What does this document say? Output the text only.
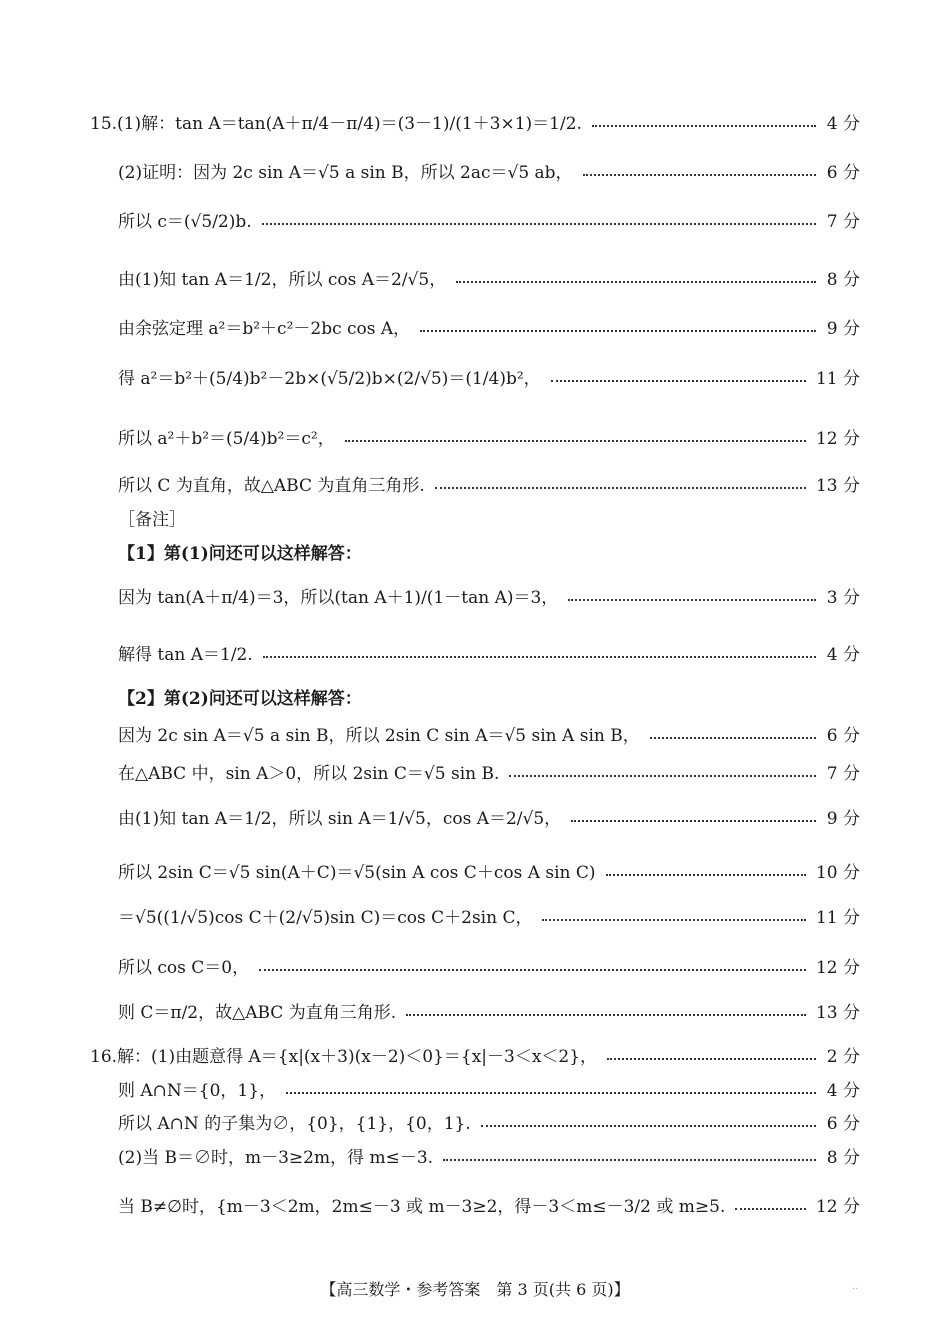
15.(1)解：tan A＝tan(A＋π/4－π/4)＝(3－1)/(1＋3×1)＝1/2.	4 分
(2)证明：因为 2c sin A＝√5 a sin B，所以 2ac＝√5 ab，	6 分
所以 c＝(√5/2)b.	7 分
由(1)知 tan A＝1/2，所以 cos A＝2/√5，	8 分
由余弦定理 a²＝b²＋c²－2bc cos A，	9 分
得 a²＝b²＋(5/4)b²－2b×(√5/2)b×(2/√5)＝(1/4)b²，	11 分
所以 a²＋b²＝(5/4)b²＝c²，	12 分
所以 C 为直角，故△ABC 为直角三角形.	13 分
［备注］
【1】第(1)问还可以这样解答：
因为 tan(A＋π/4)＝3，所以(tan A＋1)/(1－tan A)＝3，	3 分
解得 tan A＝1/2.	4 分
【2】第(2)问还可以这样解答：
因为 2c sin A＝√5 a sin B，所以 2sin C sin A＝√5 sin A sin B，	6 分
在△ABC 中，sin A＞0，所以 2sin C＝√5 sin B.	7 分
由(1)知 tan A＝1/2，所以 sin A＝1/√5，cos A＝2/√5，	9 分
所以 2sin C＝√5 sin(A＋C)＝√5(sin A cos C＋cos A sin C)	10 分
＝√5((1/√5)cos C＋(2/√5)sin C)＝cos C＋2sin C，	11 分
所以 cos C＝0，	12 分
则 C＝π/2，故△ABC 为直角三角形.	13 分
16.解：(1)由题意得 A＝{x|(x＋3)(x－2)＜0}＝{x|－3＜x＜2}，	2 分
则 A∩N＝{0，1}，	4 分
所以 A∩N 的子集为∅，{0}，{1}，{0，1}.	6 分
(2)当 B＝∅时，m－3≥2m，得 m≤－3.	8 分
当 B≠∅时，{m－3＜2m，2m≤－3 或 m－3≥2，得－3＜m≤－3/2 或 m≥5.	12 分
【高三数学・参考答案　第 3 页(共 6 页)】	··
